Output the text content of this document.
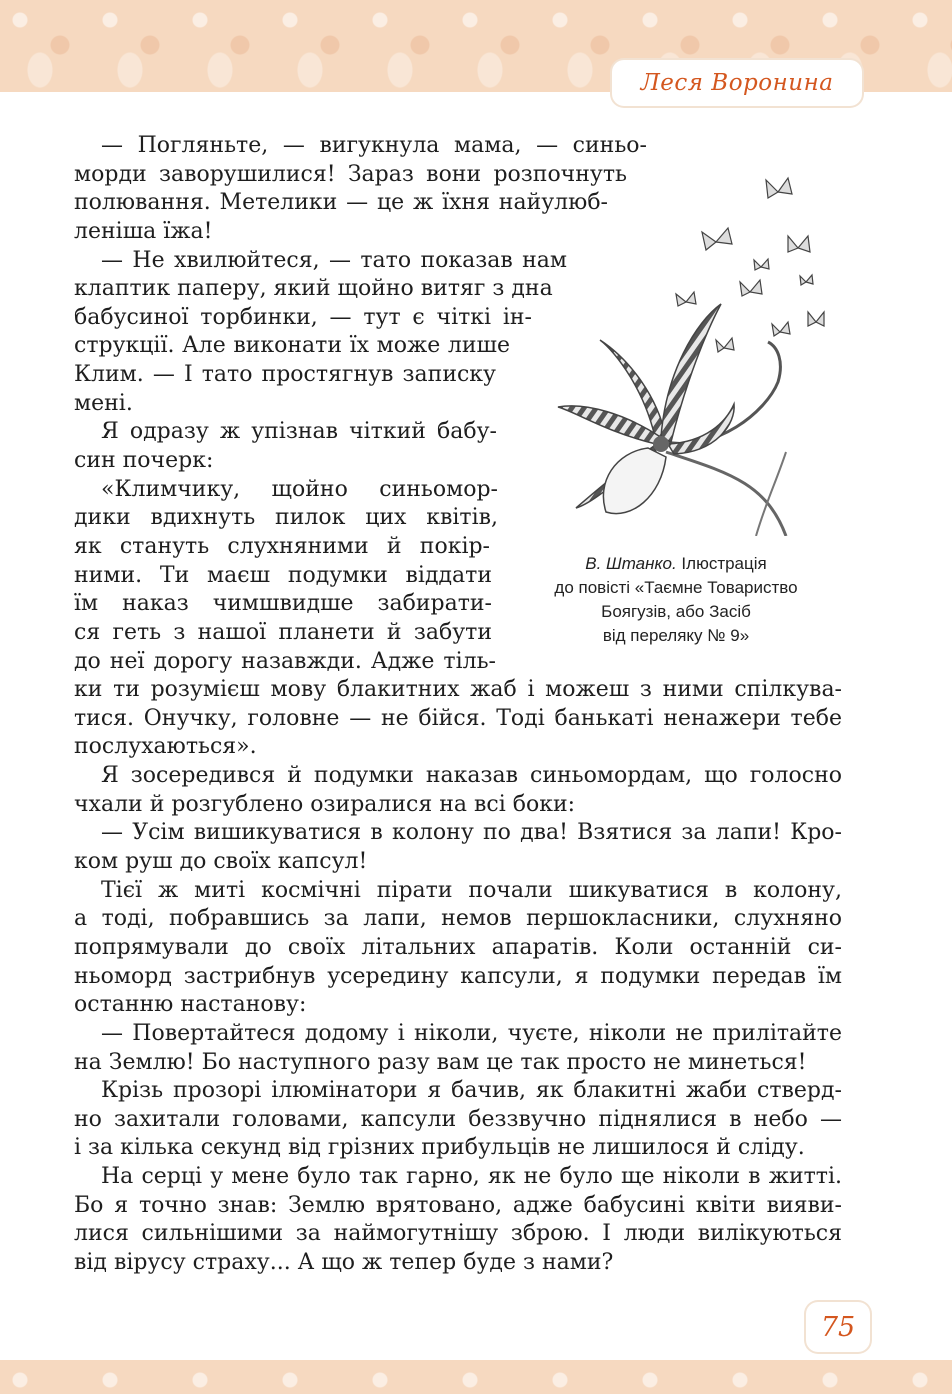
Леся Воронина
— Погляньте, — вигукнула мама, — синьо-
морди заворушилися! Зараз вони розпочнуть
полювання. Метелики — це ж їхня найулюб-
леніша їжа!
— Не хвилюйтеся, — тато показав нам
клаптик паперу, який щойно витяг з дна
бабусиної торбинки, — тут є чіткі ін-
струкції. Але виконати їх може лише
Клим. — І тато простягнув записку
мені.
Я одразу ж упізнав чіткий бабу-
син почерк:
«Климчику, щойно синьомор-
дики вдихнуть пилок цих квітів,
як стануть слухняними й покір-
ними. Ти маєш подумки віддати
їм наказ чимшвидше забирати-
ся геть з нашої планети й забути
до неї дорогу назавжди. Адже тіль-
ки ти розумієш мову блакитних жаб і можеш з ними спілкува-
тися. Онучку, головне — не бійся. Тоді банькаті ненажери тебе
послухаються».
Я зосередився й подумки наказав синьомордам, що голосно
чхали й розгублено озиралися на всі боки:
— Усім вишикуватися в колону по два! Взятися за лапи! Кро-
ком руш до своїх капсул!
Тієї ж миті космічні пірати почали шикуватися в колону,
а тоді, побравшись за лапи, немов першокласники, слухняно
попрямували до своїх літальних апаратів. Коли останній си-
ньоморд застрибнув усередину капсули, я подумки передав їм
останню настанову:
— Повертайтеся додому і ніколи, чуєте, ніколи не прилітайте
на Землю! Бо наступного разу вам це так просто не минеться!
Крізь прозорі ілюмінатори я бачив, як блакитні жаби стверд-
но захитали головами, капсули беззвучно піднялися в небо —
і за кілька секунд від грізних прибульців не лишилося й сліду.
На серці у мене було так гарно, як не було ще ніколи в житті.
Бо я точно знав: Землю врятовано, адже бабусині квіти вияви-
лися сильнішими за наймогутнішу зброю. І люди вилікуються
від вірусу страху... А що ж тепер буде з нами?
В. Штанко. Ілюстрація
до повісті «Таємне Товариство
Боягузів, або Засіб
від переляку № 9»
75
